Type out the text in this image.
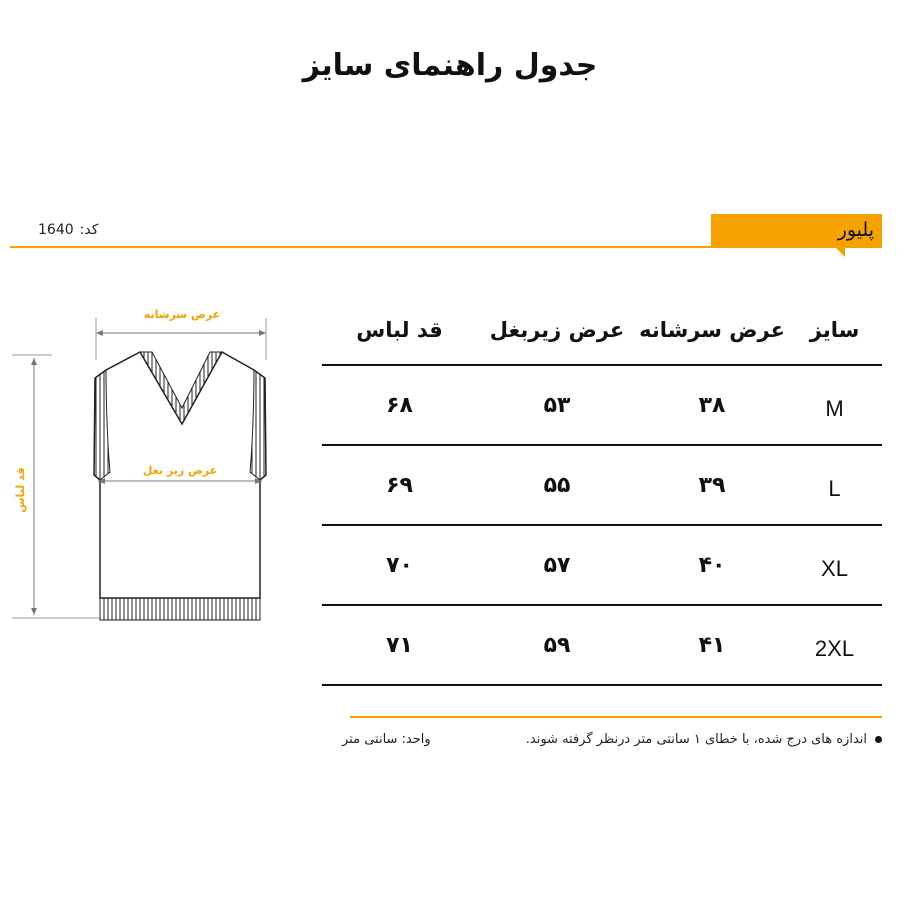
جدول راهنمای سایز
کد:1640	پلیور
عرض سرشانه
قد لباس	عرض زیر بغل
سایز	عرض سرشانه	عرض زیربغل	قد لباس
M	۳۸	۵۳	۶۸
L	۳۹	۵۵	۶۹
XL	۴۰	۵۷	۷۰
2XL	۴۱	۵۹	۷۱
اندازه های درج شده، با خطای ۱ سانتی متر درنظر گرفته شوند.
واحد: سانتی متر
